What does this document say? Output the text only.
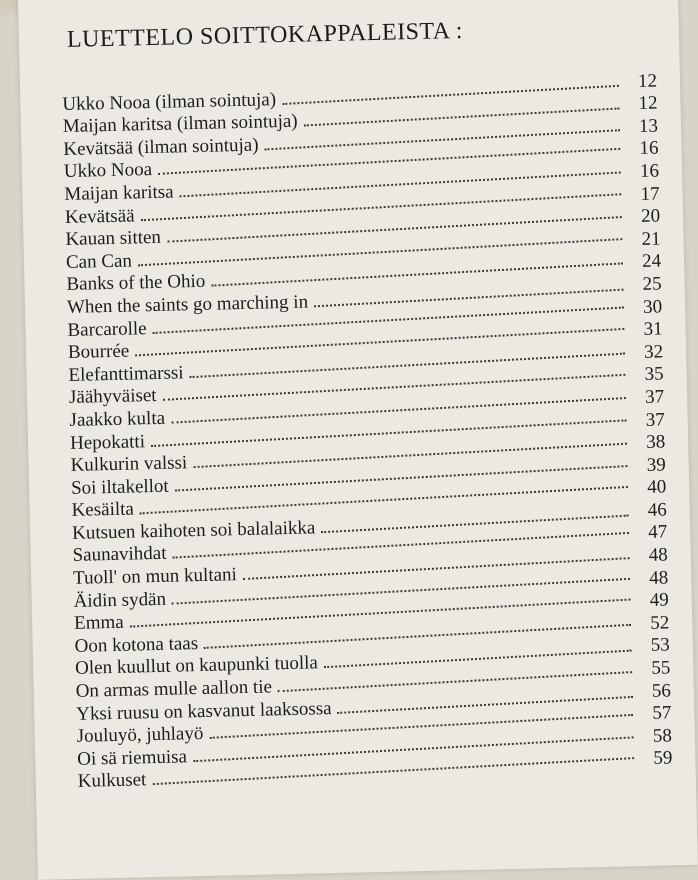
LUETTELO SOITTOKAPPALEISTA :
Ukko Nooa (ilman sointuja)
12
Maijan karitsa (ilman sointuja)
12
Kevätsää (ilman sointuja)
13
Ukko Nooa
16
Maijan karitsa
16
Kevätsää
17
Kauan sitten
20
Can Can
21
Banks of the Ohio
24
When the saints go marching in
25
Barcarolle
30
Bourrée
31
Elefanttimarssi
32
Jäähyväiset
35
Jaakko kulta
37
Hepokatti
37
Kulkurin valssi
38
Soi iltakellot
39
Kesäilta
40
Kutsuen kaihoten soi balalaikka
46
Saunavihdat
47
Tuoll' on mun kultani
48
Äidin sydän
48
Emma
49
Oon kotona taas
52
Olen kuullut on kaupunki tuolla
53
On armas mulle aallon tie
55
Yksi ruusu on kasvanut laaksossa
56
Jouluyö, juhlayö
57
Oi sä riemuisa
58
Kulkuset
59
